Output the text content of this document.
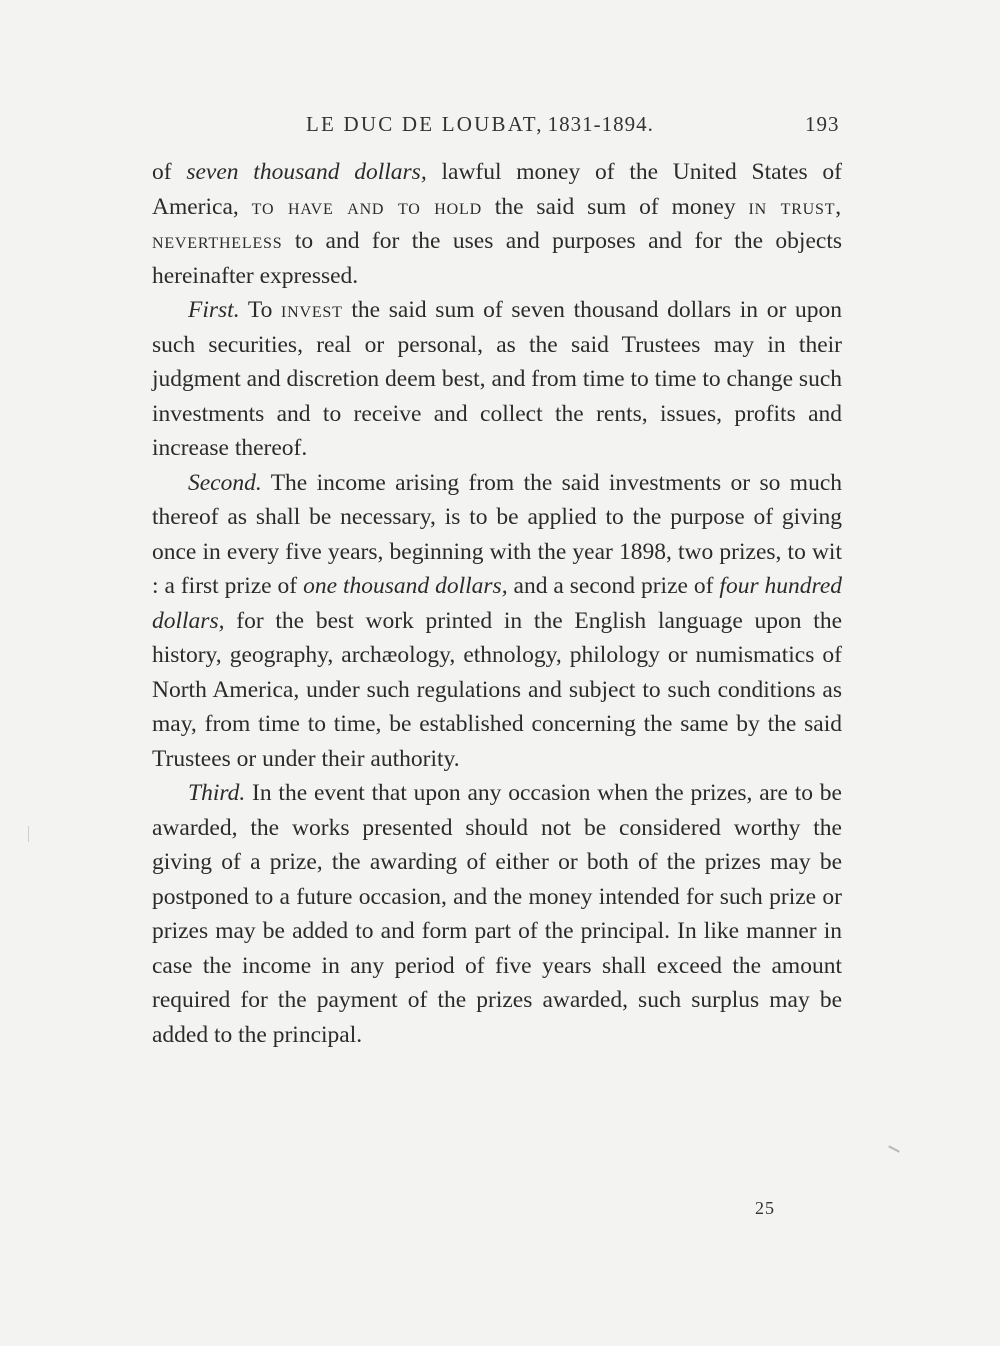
LE DUC DE LOUBAT, 1831-1894.	193

of seven thousand dollars, lawful money of the United States of America, to have and to hold the said sum of money in trust, nevertheless to and for the uses and purposes and for the objects hereinafter expressed.

First. To invest the said sum of seven thousand dollars in or upon such securities, real or personal, as the said Trustees may in their judgment and discretion deem best, and from time to time to change such investments and to receive and collect the rents, issues, profits and increase thereof.

Second. The income arising from the said investments or so much thereof as shall be necessary, is to be applied to the purpose of giving once in every five years, beginning with the year 1898, two prizes, to wit : a first prize of one thousand dollars, and a second prize of four hundred dollars, for the best work printed in the English language upon the history, geography, archæology, ethnology, philology or numismatics of North America, under such regulations and subject to such conditions as may, from time to time, be established concerning the same by the said Trustees or under their authority.

Third. In the event that upon any occasion when the prizes, are to be awarded, the works presented should not be considered worthy the giving of a prize, the awarding of either or both of the prizes may be postponed to a future occasion, and the money intended for such prize or prizes may be added to and form part of the principal. In like manner in case the income in any period of five years shall exceed the amount required for the payment of the prizes awarded, such surplus may be added to the principal.

25
